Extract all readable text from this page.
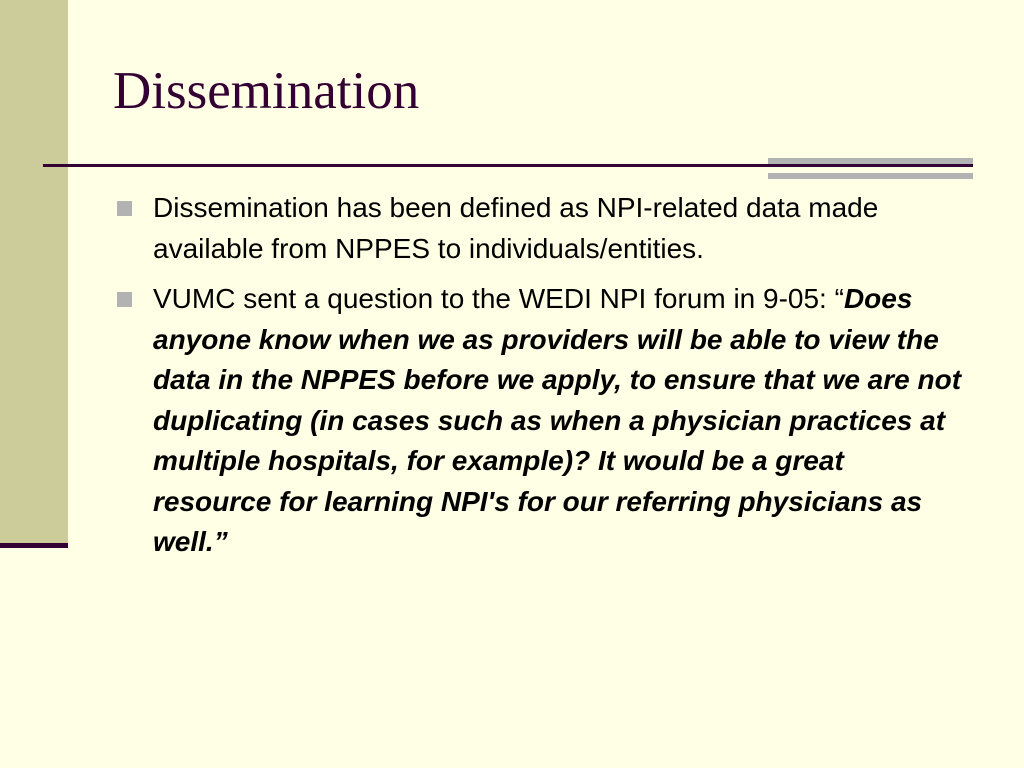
Dissemination
Dissemination has been defined as NPI-related data made available from NPPES to individuals/entities.
VUMC sent a question to the WEDI NPI forum in 9-05: “Does anyone know when we as providers will be able to view the data in the NPPES before we apply, to ensure that we are not duplicating (in cases such as when a physician practices at multiple hospitals, for example)? It would be a great resource for learning NPI's for our referring physicians as well.”
